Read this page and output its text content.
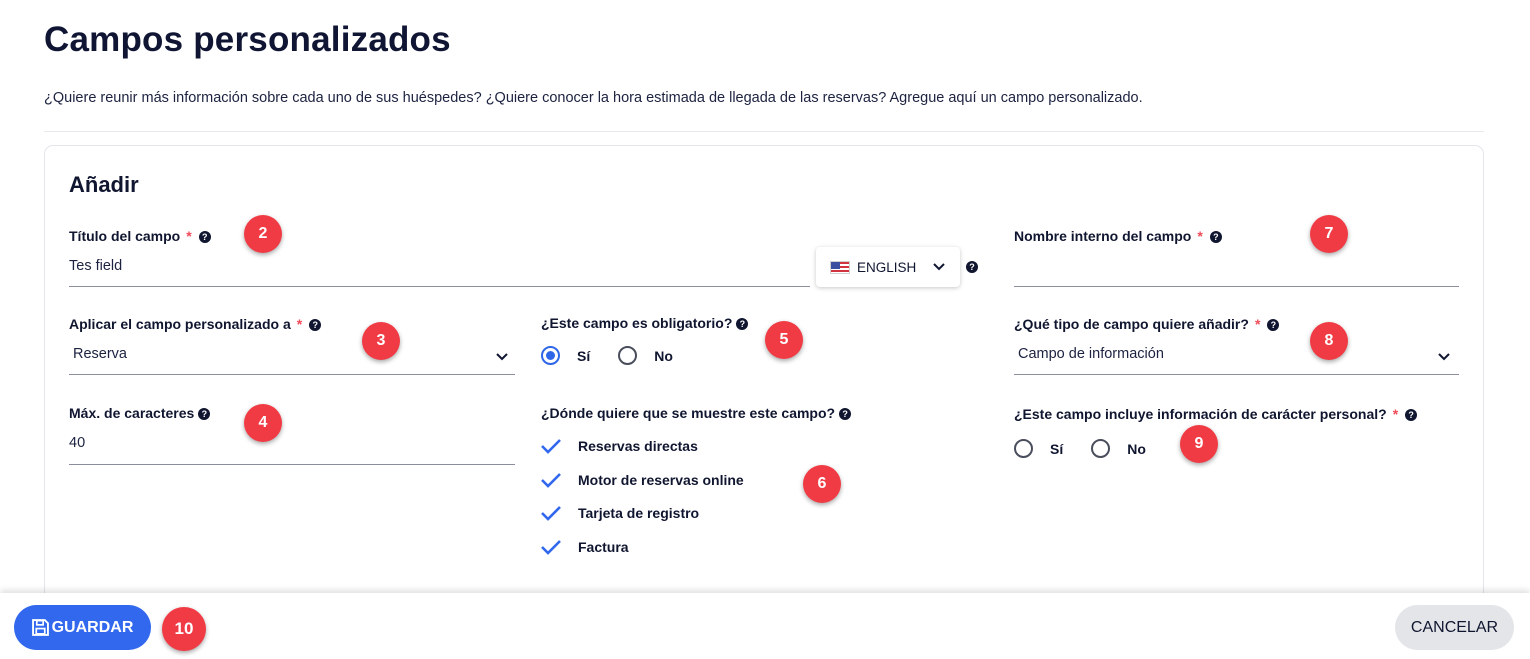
Campos personalizados

¿Quiere reunir más información sobre cada uno de sus huéspedes? ¿Quiere conocer la hora estimada de llegada de las reservas? Agregue aquí un campo personalizado.

Añadir
Título del campo * ?
Tes field	ENGLISH	?
Nombre interno del campo * ?
Aplicar el campo personalizado a * ?
Reserva
¿Este campo es obligatorio? ?
Sí	No
¿Qué tipo de campo quiere añadir? * ?
Campo de información
Máx. de caracteres ?
40
¿Dónde quiere que se muestre este campo? ?
Reservas directas
Motor de reservas online
Tarjeta de registro
Factura
¿Este campo incluye información de carácter personal? * ?
Sí	No
2
3
4
5
6
7
8
9
GUARDAR	10	CANCELAR
